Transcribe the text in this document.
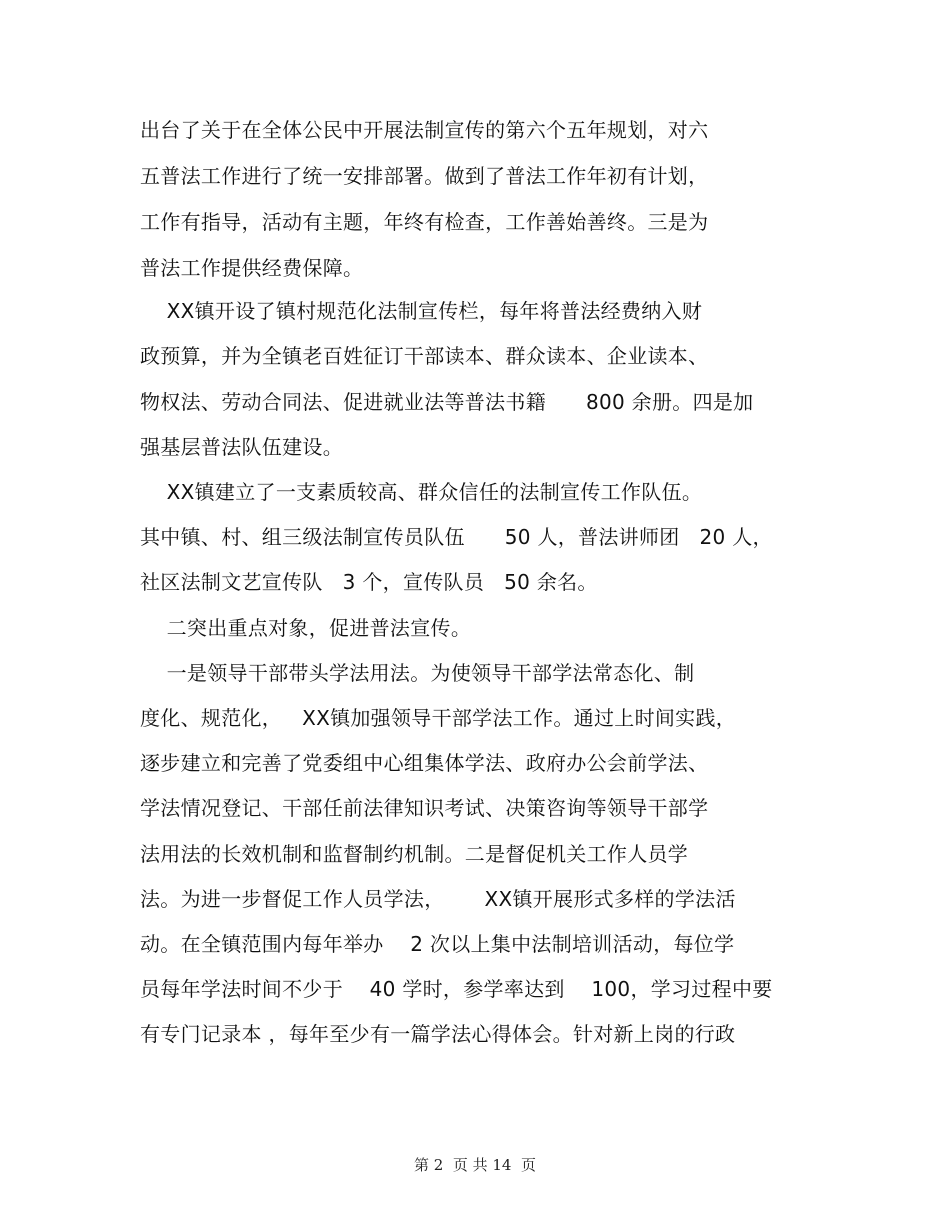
出台了关于在全体公民中开展法制宣传的第六个五年规划，对六
五普法工作进行了统一安排部署。做到了普法工作年初有计划，
工作有指导，活动有主题，年终有检查，工作善始善终。三是为
普法工作提供经费保障。
XX镇开设了镇村规范化法制宣传栏，每年将普法经费纳入财
政预算，并为全镇老百姓征订干部读本、群众读本、企业读本、
物权法、劳动合同法、促进就业法等普法书籍      800 余册。四是加
强基层普法队伍建设。
XX镇建立了一支素质较高、群众信任的法制宣传工作队伍。
其中镇、村、组三级法制宣传员队伍      50 人，普法讲师团   20 人，
社区法制文艺宣传队   3 个，宣传队员   50 余名。
二突出重点对象，促进普法宣传。
一是领导干部带头学法用法。为使领导干部学法常态化、制
度化、规范化，   XX镇加强领导干部学法工作。通过上时间实践，
逐步建立和完善了党委组中心组集体学法、政府办公会前学法、
学法情况登记、干部任前法律知识考试、决策咨询等领导干部学
法用法的长效机制和监督制约机制。二是督促机关工作人员学
法。为进一步督促工作人员学法，      XX镇开展形式多样的学法活
动。在全镇范围内每年举办    2 次以上集中法制培训活动，每位学
员每年学法时间不少于    40 学时，参学率达到    100，学习过程中要
有专门记录本 ，每年至少有一篇学法心得体会。针对新上岗的行政
第 2  页 共 14  页
